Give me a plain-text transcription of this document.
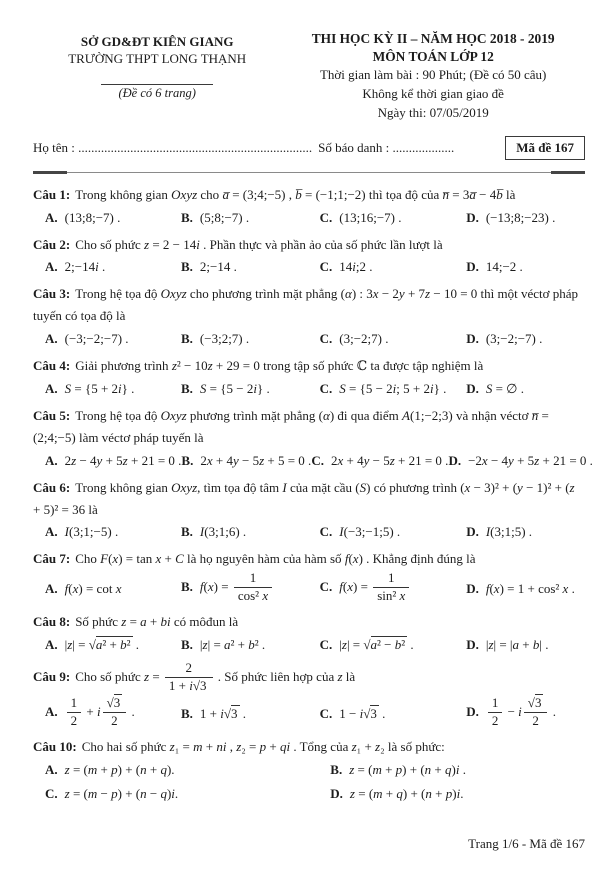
SỞ GD&ĐT KIÊN GIANG
TRƯỜNG THPT LONG THẠNH
(Đề có 6 trang)
THI HỌC KỲ II – NĂM HỌC 2018 - 2019
MÔN TOÁN LỚP 12
Thời gian làm bài : 90 Phút; (Đề có 50 câu)
Không kể thời gian giao đề
Ngày thi: 07/05/2019
Họ tên : ........................................................................ Số báo danh : ...................	Mã đề 167
Câu 1: Trong không gian Oxyz cho a̅ = (3;4;−5) , b̅ = (−1;1;−2) thì tọa độ của n̅ = 3a̅ − 4b̅ là
A. (13;8;−7) .	B. (5;8;−7) .	C. (13;16;−7) .	D. (−13;8;−23) .
Câu 2: Cho số phức z = 2 − 14i . Phần thực và phần ảo của số phức lần lượt là
A. 2;−14i .	B. 2;−14 .	C. 14i;2 .	D. 14;−2 .
Câu 3: Trong hệ tọa độ Oxyz cho phương trình mặt phẳng (α) : 3x − 2y + 7z − 10 = 0 thì một véctơ pháp tuyến có tọa độ là
A. (−3;−2;−7) .	B. (−3;2;7) .	C. (3;−2;7) .	D. (3;−2;−7) .
Câu 4: Giải phương trình z² − 10z + 29 = 0 trong tập số phức ℂ ta được tập nghiệm là
A. S = {5 + 2i} .	B. S = {5 − 2i} .	C. S = {5 − 2i; 5 + 2i} .	D. S = ∅ .
Câu 5: Trong hệ tọa độ Oxyz phương trình mặt phẳng (α) đi qua điểm A(1;−2;3) và nhận véctơ n̅ = (2;4;−5) làm véctơ pháp tuyến là
A. 2z − 4y + 5z + 21 = 0 . B. 2x + 4y − 5z + 5 = 0 . C. 2x + 4y − 5z + 21 = 0 . D. −2x − 4y + 5z + 21 = 0 .
Câu 6: Trong không gian Oxyz, tìm tọa độ tâm I của mặt cầu (S) có phương trình (x − 3)² + (y − 1)² + (z + 5)² = 36 là
A. I(3;1;−5) .	B. I(3;1;6) .	C. I(−3;−1;5) .	D. I(3;1;5) .
Câu 7: Cho F(x) = tan x + C là họ nguyên hàm của hàm số f(x) . Khẳng định đúng là
A. f(x) = cot x	B. $f(x) = \frac{1}{\text{cos² x}}$	C. $f(x) = \frac{1}{\text{sin² x}}$	D. f(x) = 1 + cos² x .
Câu 8: Số phức z = a + bi có môđun là
A. |z| = √a² + b² .	B. |z| = a² + b² .	C. |z| = √a² − b² .	D. |z| = |a + b| .
Câu 9: Cho số phức $z = \frac{2}{1 + i√3}$ . Số phức liên hợp của z là
A. $\frac{1}{2} + i \frac{√3}{2}$ .	B. 1 + i√3 .	C. 1 − i√3 .	D. $\frac{1}{2} - i \frac{√3}{2}$ .
Câu 10: Cho hai số phức z₁ = m + ni , z₂ = p + qi . Tổng của z₁ + z₂ là số phức:
A. z = (m + p) + (n + q).	B. z = (m + p) + (n + q)i .
C. z = (m − p) + (n − q)i.	D. z = (m + q) + (n + p)i.
Trang 1/6 - Mã đề 167
